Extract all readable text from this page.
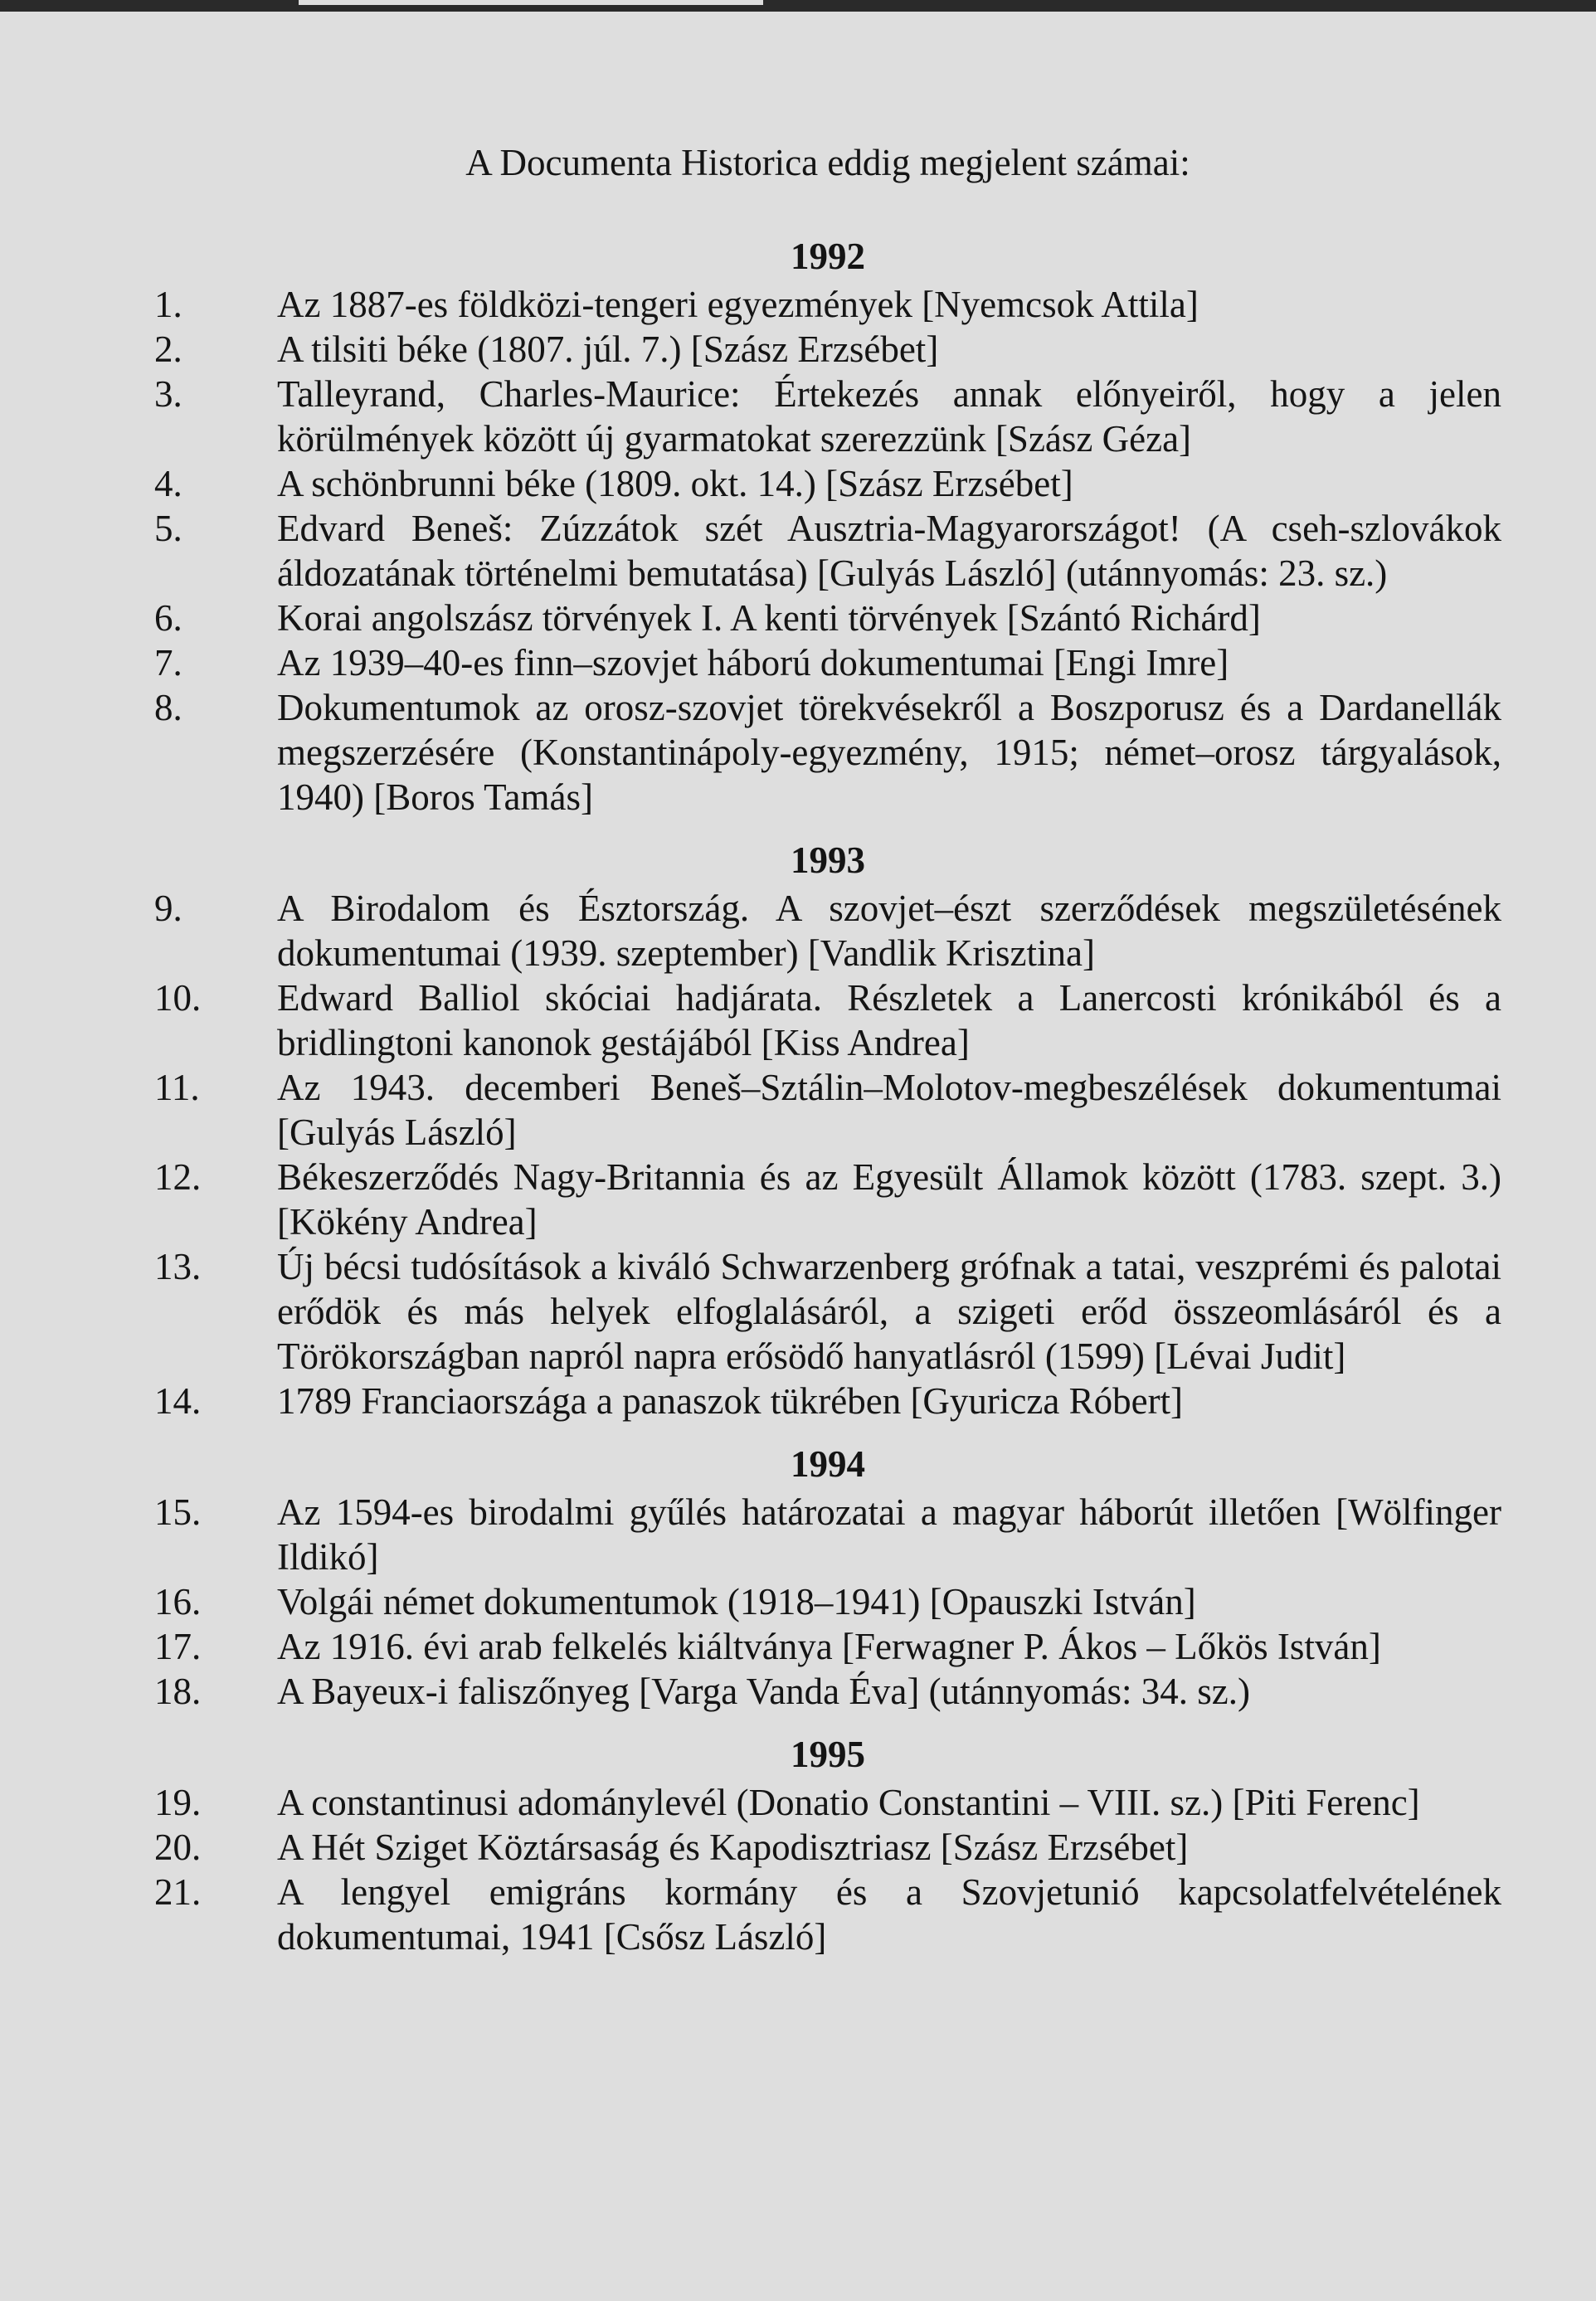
A Documenta Historica eddig megjelent számai:
1992
1.	Az 1887-es földközi-tengeri egyezmények [Nyemcsok Attila]
2.	A tilsiti béke (1807. júl. 7.) [Szász Erzsébet]
3.	Talleyrand, Charles-Maurice: Értekezés annak előnyeiről, hogy a jelen körülmények között új gyarmatokat szerezzünk [Szász Géza]
4.	A schönbrunni béke (1809. okt. 14.) [Szász Erzsébet]
5.	Edvard Beneš: Zúzzátok szét Ausztria-Magyarországot! (A cseh-szlovákok áldozatának történelmi bemutatása) [Gulyás László] (utánnyomás: 23. sz.)
6.	Korai angolszász törvények I. A kenti törvények [Szántó Richárd]
7.	Az 1939–40-es finn–szovjet háború dokumentumai [Engi Imre]
8.	Dokumentumok az orosz-szovjet törekvésekről a Boszporusz és a Dardanellák megszerzésére (Konstantinápoly-egyezmény, 1915; német–orosz tárgyalások, 1940) [Boros Tamás]
1993
9.	A Birodalom és Észtország. A szovjet–észt szerződések megszületésének dokumentumai (1939. szeptember) [Vandlik Krisztina]
10.	Edward Balliol skóciai hadjárata. Részletek a Lanercosti krónikából és a bridlingtoni kanonok gestájából [Kiss Andrea]
11.	Az 1943. decemberi Beneš–Sztálin–Molotov-megbeszélések dokumentumai [Gulyás László]
12.	Békeszerződés Nagy-Britannia és az Egyesült Államok között (1783. szept. 3.) [Kökény Andrea]
13.	Új bécsi tudósítások a kiváló Schwarzenberg grófnak a tatai, veszprémi és palotai erődök és más helyek elfoglalásáról, a szigeti erőd összeomlásáról és a Törökországban napról napra erősödő hanyatlásról (1599) [Lévai Judit]
14.	1789 Franciaországa a panaszok tükrében [Gyuricza Róbert]
1994
15.	Az 1594-es birodalmi gyűlés határozatai a magyar háborút illetően [Wölfinger Ildikó]
16.	Volgái német dokumentumok (1918–1941) [Opauszki István]
17.	Az 1916. évi arab felkelés kiáltványa [Ferwagner P. Ákos – Lőkös István]
18.	A Bayeux-i faliszőnyeg [Varga Vanda Éva] (utánnyomás: 34. sz.)
1995
19.	A constantinusi adománylevél (Donatio Constantini – VIII. sz.) [Piti Ferenc]
20.	A Hét Sziget Köztársaság és Kapodisztriasz [Szász Erzsébet]
21.	A lengyel emigráns kormány és a Szovjetunió kapcsolatfelvételének dokumentumai, 1941 [Csősz László]
